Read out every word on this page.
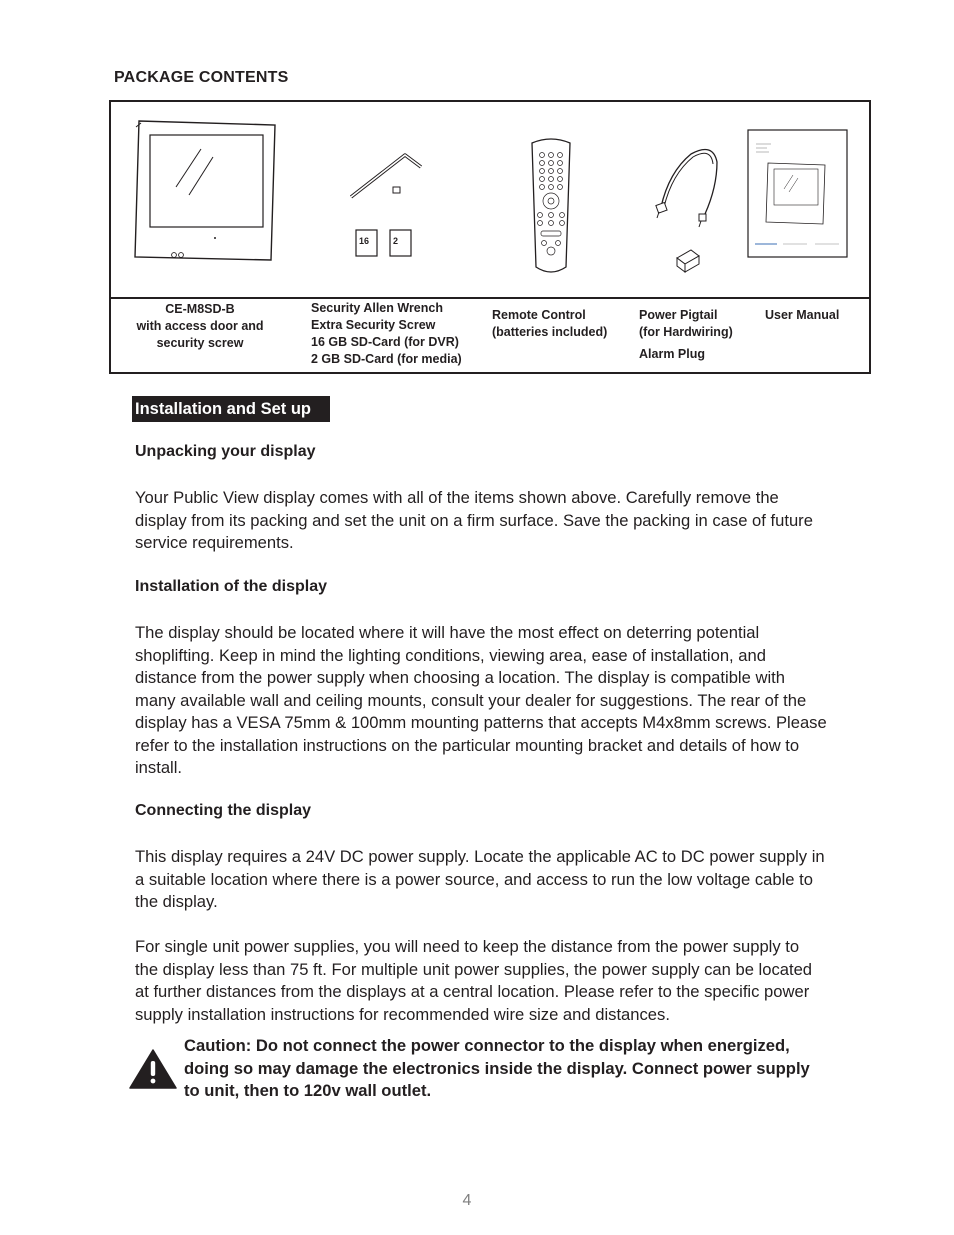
PACKAGE CONTENTS
16	2
CE-M8SD-B
with access door and
security screw
Security Allen Wrench
Extra Security Screw
16 GB SD-Card (for DVR)
2 GB SD-Card (for media)
Remote Control
(batteries included)
Power Pigtail
(for Hardwiring)
Alarm Plug
User Manual
Installation and Set up
Unpacking your display
Your Public View display comes with all of the items shown above. Carefully remove the
display from its packing and set the unit on a firm surface. Save the packing in case of future
service requirements.
Installation of the display
The display should be located where it will have the most effect on deterring potential
shoplifting. Keep in mind the lighting conditions, viewing area, ease of installation, and
distance from the power supply when choosing a location. The display is compatible with
many available wall and ceiling mounts, consult your dealer for suggestions. The rear of the
display has a VESA 75mm & 100mm mounting patterns that accepts M4x8mm screws. Please
refer to the installation instructions on the particular mounting bracket and details of how to
install.
Connecting the display
This display requires a 24V DC power supply. Locate the applicable AC to DC power supply in
a suitable location where there is a power source, and access to run the low voltage cable to
the display.
For single unit power supplies, you will need to keep the distance from the power supply to
the display less than 75 ft. For multiple unit power supplies, the power supply can be located
at further distances from the displays at a central location. Please refer to the specific power
supply installation instructions for recommended wire size and distances.
Caution: Do not connect the power connector to the display when energized,
doing so may damage the electronics inside the display. Connect power supply
to unit, then to 120v wall outlet.
4
